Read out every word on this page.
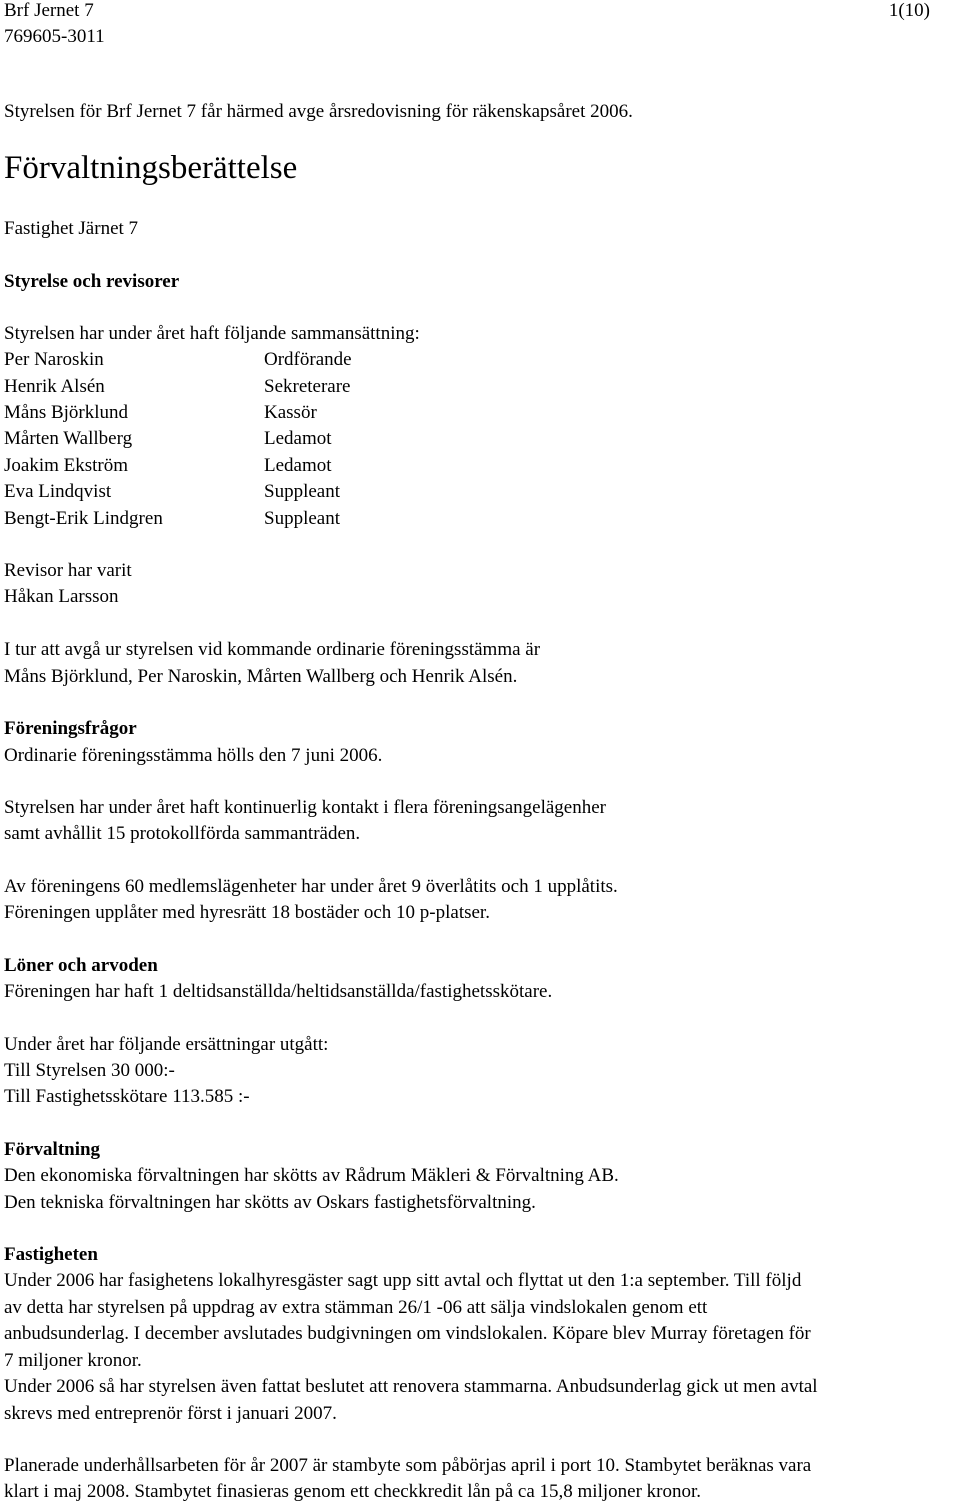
Brf Jernet 7
769605-3011
1(10)
Styrelsen för Brf Jernet 7 får härmed avge årsredovisning för räkenskapsåret 2006.
Förvaltningsberättelse
Fastighet Järnet 7
Styrelse och revisorer
Styrelsen har under året haft följande sammansättning:
Per Naroskin	Ordförande
Henrik Alsén	Sekreterare
Måns Björklund	Kassör
Mårten Wallberg	Ledamot
Joakim Ekström	Ledamot
Eva Lindqvist	Suppleant
Bengt-Erik Lindgren	Suppleant
Revisor har varit
Håkan Larsson
I tur att avgå ur styrelsen vid kommande ordinarie föreningsstämma är
Måns Björklund, Per Naroskin, Mårten Wallberg och Henrik Alsén.
Föreningsfrågor
Ordinarie föreningsstämma hölls den 7 juni 2006.
Styrelsen har under året haft kontinuerlig kontakt i flera föreningsangelägenher
samt avhållit 15 protokollförda sammanträden.
Av föreningens 60 medlemslägenheter har under året 9 överlåtits och 1 upplåtits.
Föreningen upplåter med hyresrätt 18 bostäder och 10 p-platser.
Löner och arvoden
Föreningen har haft 1 deltidsanställda/heltidsanställda/fastighetsskötare.
Under året har följande ersättningar utgått:
Till Styrelsen 30 000:-
Till Fastighetsskötare 113.585 :-
Förvaltning
Den ekonomiska förvaltningen har skötts av Rådrum Mäkleri & Förvaltning AB.
Den tekniska förvaltningen har skötts av Oskars fastighetsförvaltning.
Fastigheten
Under 2006 har fasighetens lokalhyresgäster sagt upp sitt avtal och flyttat ut den 1:a september. Till följd
av detta har styrelsen på uppdrag av extra stämman 26/1 -06 att sälja vindslokalen genom ett
anbudsunderlag. I december avslutades budgivningen om vindslokalen. Köpare blev Murray företagen för
7 miljoner kronor.
Under 2006 så har styrelsen även fattat beslutet att renovera stammarna. Anbudsunderlag gick ut men avtal
skrevs med entreprenör först i januari 2007.
Planerade underhållsarbeten för år 2007 är stambyte som påbörjas april i port 10. Stambytet beräknas vara
klart i maj 2008. Stambytet finasieras genom ett checkkredit lån på ca 15,8 miljoner kronor.
